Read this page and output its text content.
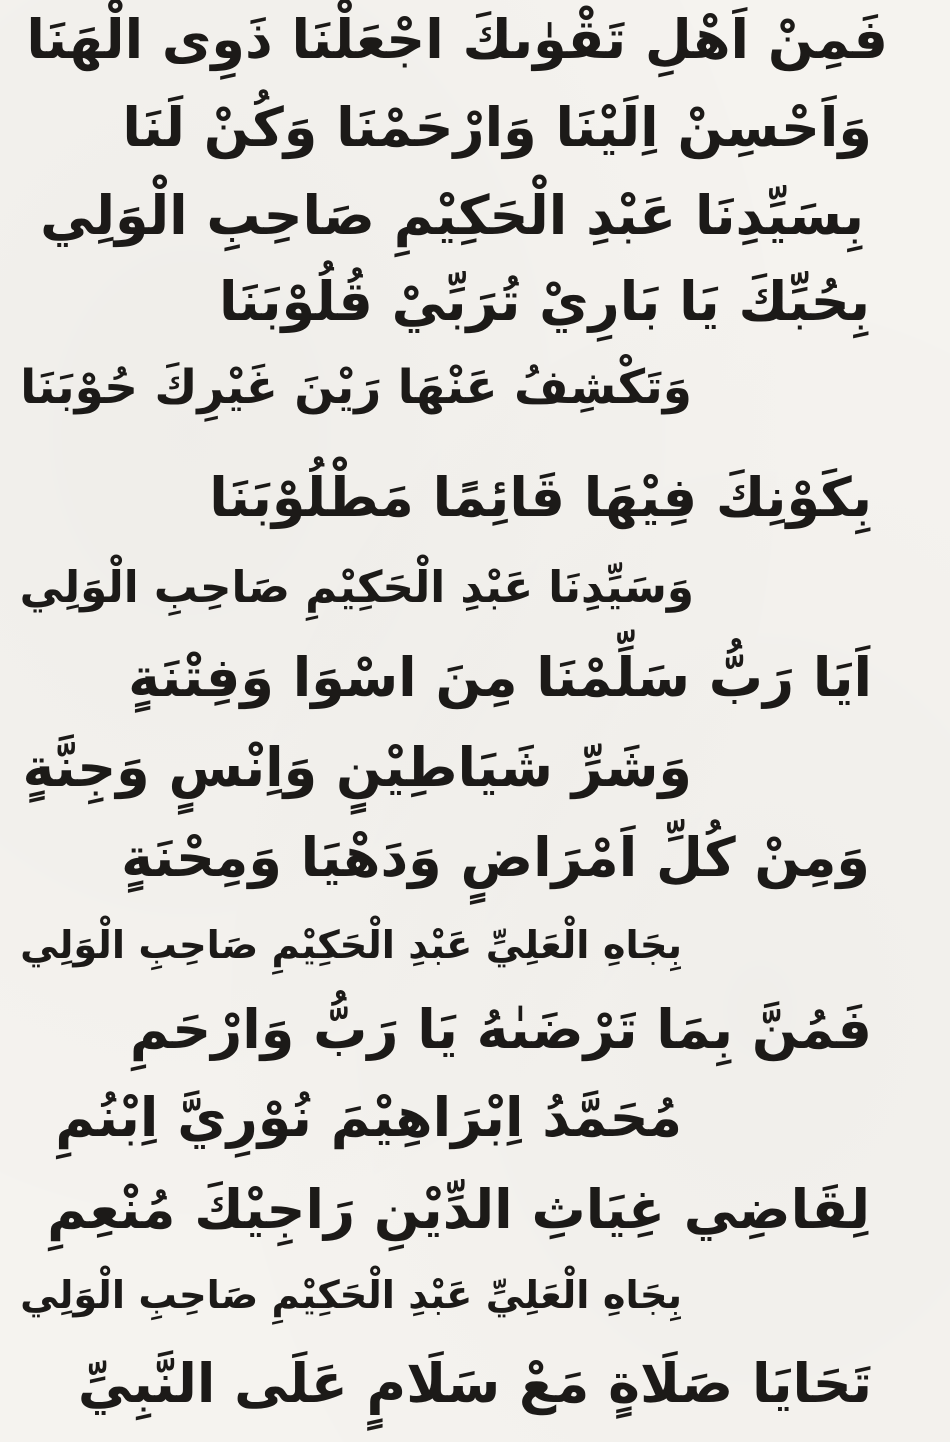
فَمِنْ اَهْلِ تَقْوٰىكَ اجْعَلْنَا ذَوِى الْهَنَا
وَاَحْسِنْ اِلَيْنَا وَارْحَمْنَا وَكُنْ لَنَا
بِسَيِّدِنَا عَبْدِ الْحَكِيْمِ صَاحِبِ الْوَلِي
بِحُبِّكَ يَا بَارِيْ تُرَبِّيْ قُلُوْبَنَا
وَتَكْشِفُ عَنْهَا رَيْنَ غَيْرِكَ حُوْبَنَا
بِكَوْنِكَ فِيْهَا قَائِمًا مَطْلُوْبَنَا
وَسَيِّدِنَا عَبْدِ الْحَكِيْمِ صَاحِبِ الْوَلِي
اَيَا رَبُّ سَلِّمْنَا مِنَ اسْوَا وَفِتْنَةٍ
وَشَرِّ شَيَاطِيْنٍ وَاِنْسٍ وَجِنَّةٍ
وَمِنْ كُلِّ اَمْرَاضٍ وَدَهْيَا وَمِحْنَةٍ
بِجَاهِ الْعَلِيِّ عَبْدِ الْحَكِيْمِ صَاحِبِ الْوَلِي
فَمُنَّ بِمَا تَرْضَىٰهُ يَا رَبُّ وَارْحَمِ
مُحَمَّدُ اِبْرَاهِيْمَ نُوْرِيَّ اِبْنُمِ
لِقَاضِي غِيَاثِ الدِّيْنِ رَاجِيْكَ مُنْعِمِ
بِجَاهِ الْعَلِيِّ عَبْدِ الْحَكِيْمِ صَاحِبِ الْوَلِي
تَحَايَا صَلَاةٍ مَعْ سَلَامٍ عَلَى النَّبِيِّ
